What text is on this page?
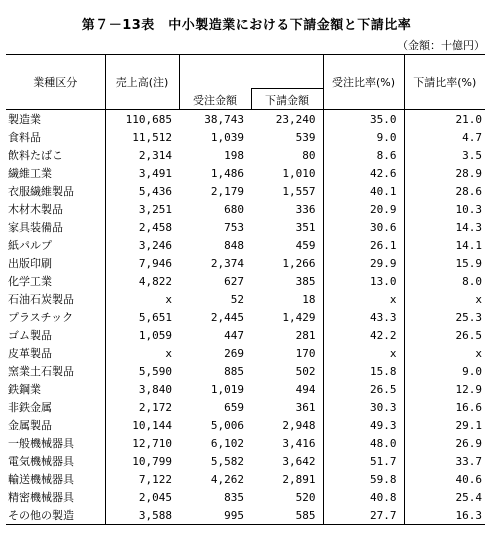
第７－13表　中小製造業における下請金額と下請比率
（金額：十億円）
業種区分	売上高(注)			受注比率(%)	下請比率(%)
		受注金額	下請金額		
製造業	110,685	38,743	23,240	35.0	21.0
食料品	11,512	1,039	539	9.0	4.7
飲料たばこ	2,314	198	80	8.6	3.5
繊維工業	3,491	1,486	1,010	42.6	28.9
衣服繊維製品	5,436	2,179	1,557	40.1	28.6
木材木製品	3,251	680	336	20.9	10.3
家具装備品	2,458	753	351	30.6	14.3
紙パルプ	3,246	848	459	26.1	14.1
出版印刷	7,946	2,374	1,266	29.9	15.9
化学工業	4,822	627	385	13.0	8.0
石油石炭製品	x	52	18	x	x
プラスチック	5,651	2,445	1,429	43.3	25.3
ゴム製品	1,059	447	281	42.2	26.5
皮革製品	x	269	170	x	x
窯業土石製品	5,590	885	502	15.8	9.0
鉄鋼業	3,840	1,019	494	26.5	12.9
非鉄金属	2,172	659	361	30.3	16.6
金属製品	10,144	5,006	2,948	49.3	29.1
一般機械器具	12,710	6,102	3,416	48.0	26.9
電気機械器具	10,799	5,582	3,642	51.7	33.7
輸送機械器具	7,122	4,262	2,891	59.8	40.6
精密機械器具	2,045	835	520	40.8	25.4
その他の製造	3,588	995	585	27.7	16.3
